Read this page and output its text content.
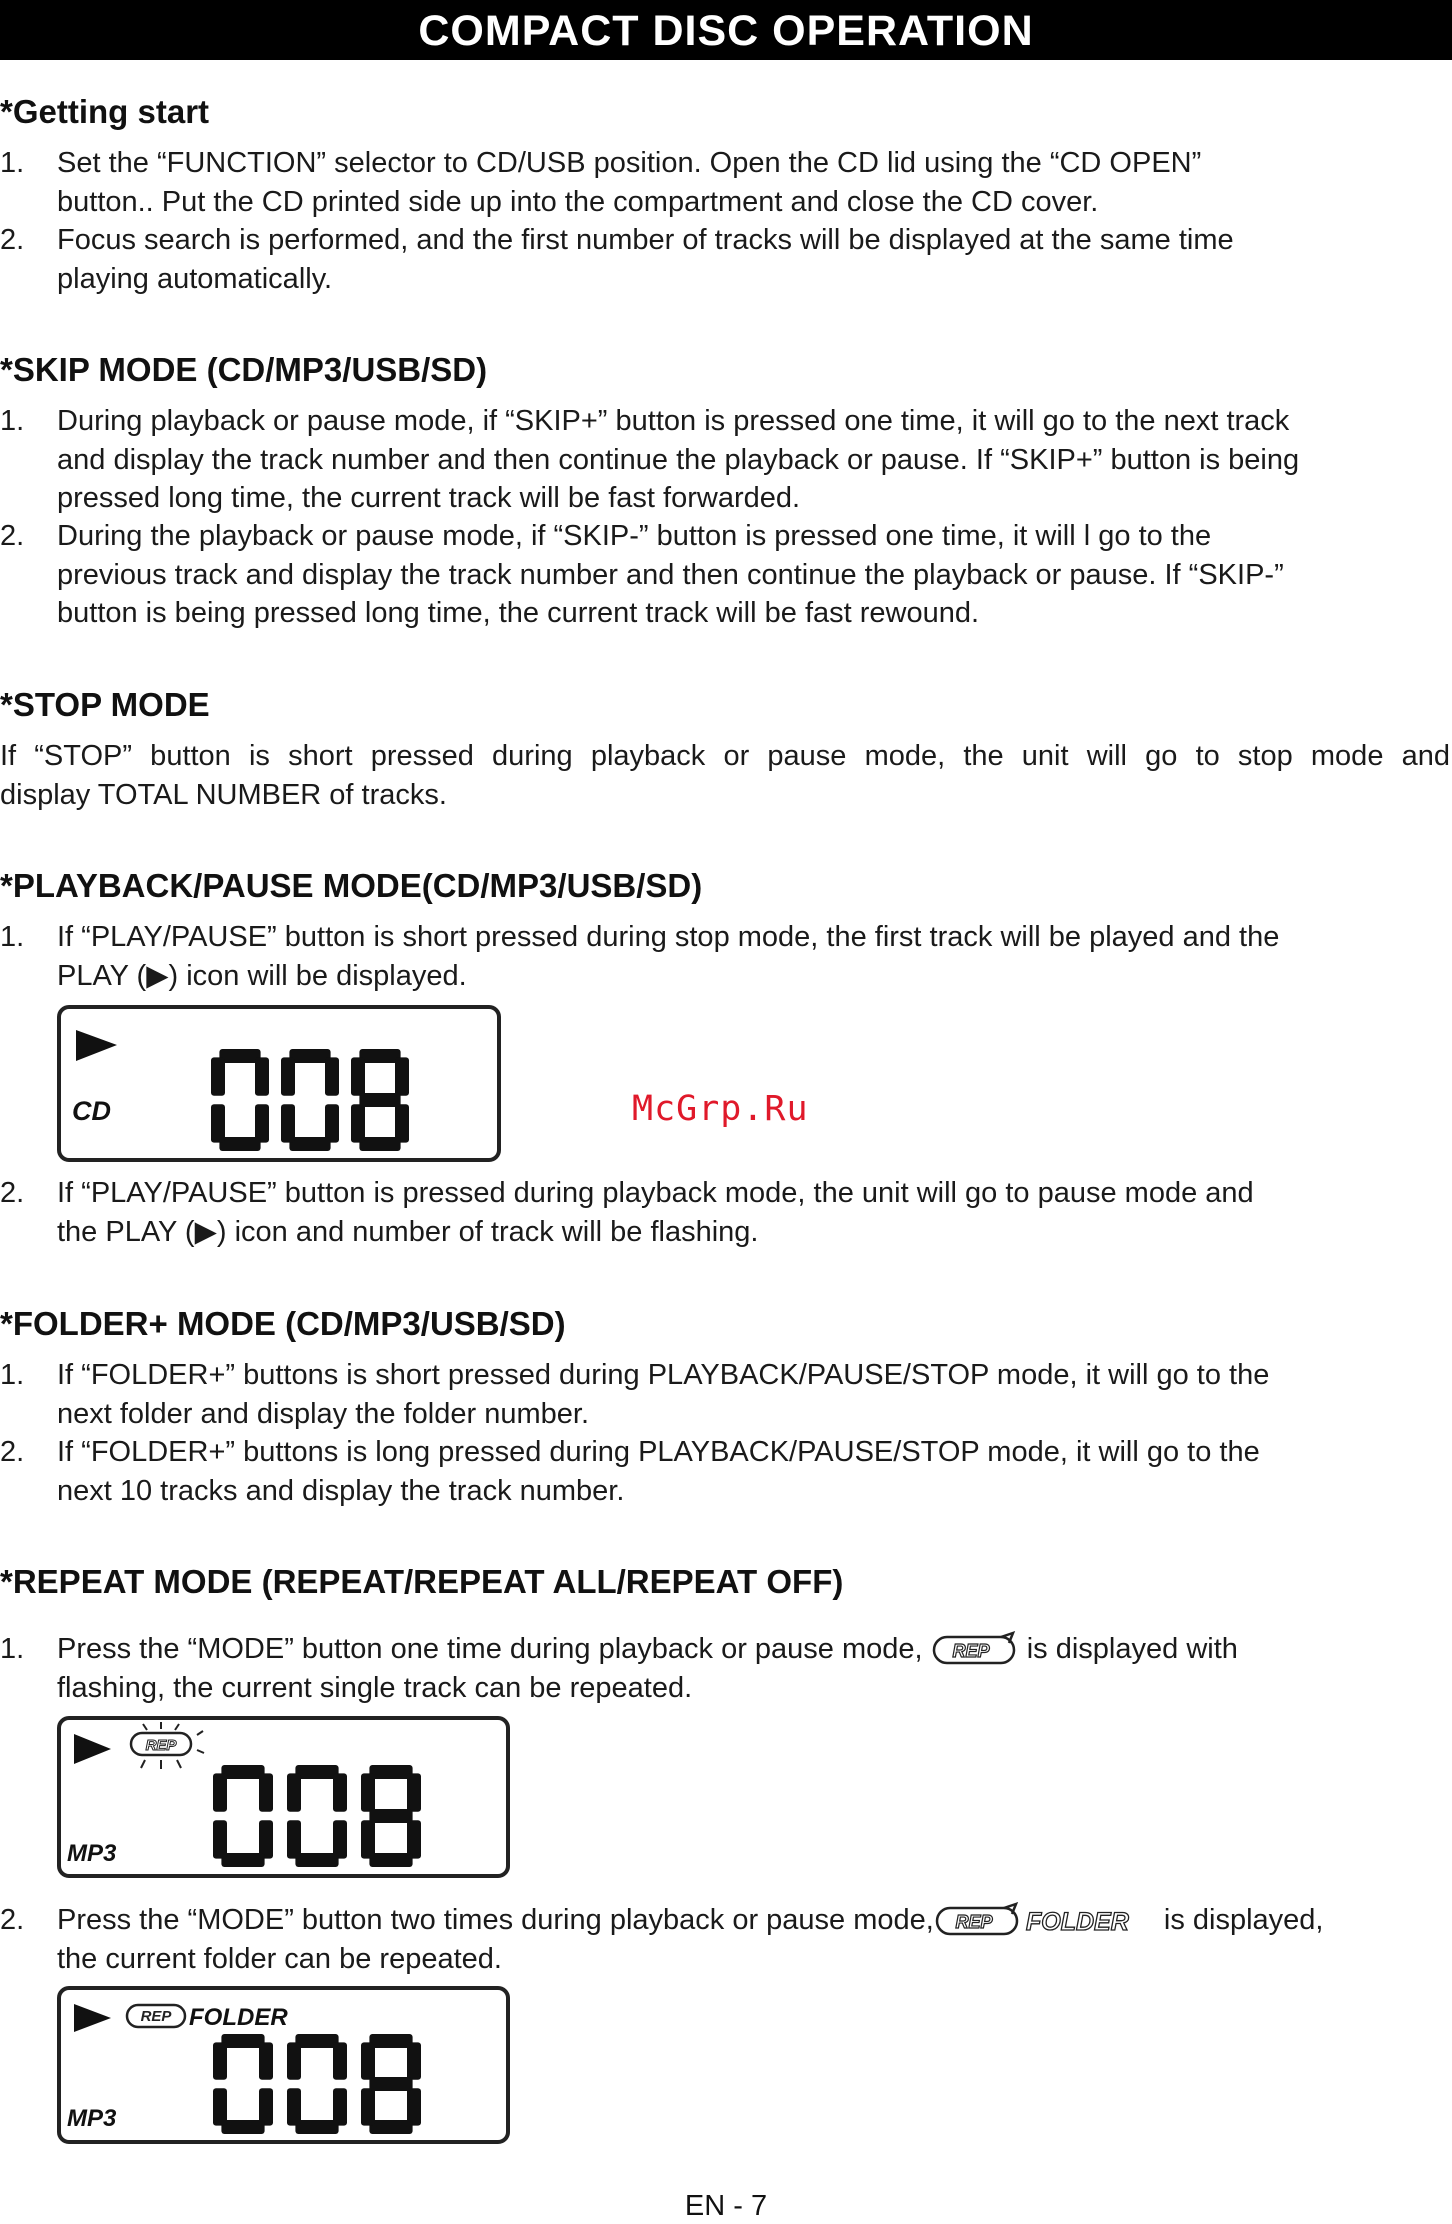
COMPACT DISC OPERATION
*Getting start
1. Set the “FUNCTION” selector to CD/USB position. Open the CD lid using the “CD OPEN”
button.. Put the CD printed side up into the compartment and close the CD cover.
2. Focus search is performed, and the first number of tracks will be displayed at the same time
playing automatically.
*SKIP MODE (CD/MP3/USB/SD)
1. During playback or pause mode, if “SKIP+” button is pressed one time, it will go to the next track
and display the track number and then continue the playback or pause. If “SKIP+” button is being
pressed long time, the current track will be fast forwarded.
2. During the playback or pause mode, if “SKIP-” button is pressed one time, it will l go to the
previous track and display the track number and then continue the playback or pause. If “SKIP-”
button is being pressed long time, the current track will be fast rewound.
*STOP MODE
If “STOP” button is short pressed during playback or pause mode, the unit will go to stop mode and
display TOTAL NUMBER of tracks.
*PLAYBACK/PAUSE MODE(CD/MP3/USB/SD)
1. If “PLAY/PAUSE” button is short pressed during stop mode, the first track will be played and the
PLAY (▶) icon will be displayed.
CD	McGrp.Ru
2. If “PLAY/PAUSE” button is pressed during playback mode, the unit will go to pause mode and
the PLAY (▶) icon and number of track will be flashing.
*FOLDER+ MODE (CD/MP3/USB/SD)
1. If “FOLDER+” buttons is short pressed during PLAYBACK/PAUSE/STOP mode, it will go to the
next folder and display the folder number.
2. If “FOLDER+” buttons is long pressed during PLAYBACK/PAUSE/STOP mode, it will go to the
next 10 tracks and display the track number.
*REPEAT MODE (REPEAT/REPEAT ALL/REPEAT OFF)
1. Press the “MODE” button one time during playback or pause mode, REP is displayed with
flashing, the current single track can be repeated.
REP
MP3
2. Press the “MODE” button two times during playback or pause mode, REP FOLDER is displayed,
the current folder can be repeated.
REP FOLDER
MP3
EN - 7
